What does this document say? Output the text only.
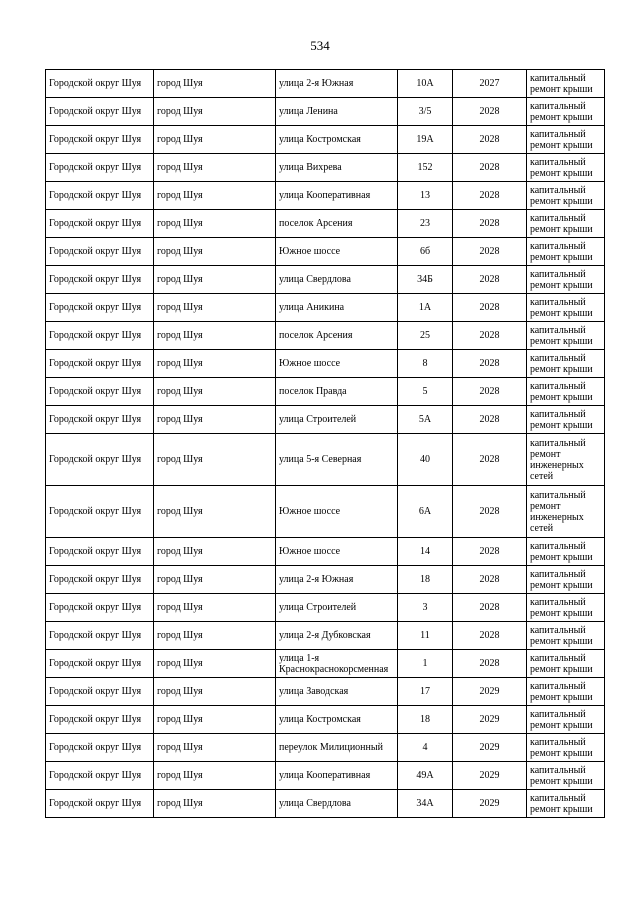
534
Городской округ Шуя	город Шуя	улица 2-я Южная	10А	2027	капитальный ремонт крыши
Городской округ Шуя	город Шуя	улица Ленина	3/5	2028	капитальный ремонт крыши
Городской округ Шуя	город Шуя	улица Костромская	19А	2028	капитальный ремонт крыши
Городской округ Шуя	город Шуя	улица Вихрева	152	2028	капитальный ремонт крыши
Городской округ Шуя	город Шуя	улица Кооперативная	13	2028	капитальный ремонт крыши
Городской округ Шуя	город Шуя	поселок Арсения	23	2028	капитальный ремонт крыши
Городской округ Шуя	город Шуя	Южное шоссе	6б	2028	капитальный ремонт крыши
Городской округ Шуя	город Шуя	улица Свердлова	34Б	2028	капитальный ремонт крыши
Городской округ Шуя	город Шуя	улица Аникина	1А	2028	капитальный ремонт крыши
Городской округ Шуя	город Шуя	поселок Арсения	25	2028	капитальный ремонт крыши
Городской округ Шуя	город Шуя	Южное шоссе	8	2028	капитальный ремонт крыши
Городской округ Шуя	город Шуя	поселок Правда	5	2028	капитальный ремонт крыши
Городской округ Шуя	город Шуя	улица Строителей	5А	2028	капитальный ремонт крыши
Городской округ Шуя	город Шуя	улица 5-я Северная	40	2028	капитальный ремонт инженерных сетей
Городской округ Шуя	город Шуя	Южное шоссе	6А	2028	капитальный ремонт инженерных сетей
Городской округ Шуя	город Шуя	Южное шоссе	14	2028	капитальный ремонт крыши
Городской округ Шуя	город Шуя	улица 2-я Южная	18	2028	капитальный ремонт крыши
Городской округ Шуя	город Шуя	улица Строителей	3	2028	капитальный ремонт крыши
Городской округ Шуя	город Шуя	улица 2-я Дубковская	11	2028	капитальный ремонт крыши
Городской округ Шуя	город Шуя	улица 1-я Краснокраснокорсменная	1	2028	капитальный ремонт крыши
Городской округ Шуя	город Шуя	улица Заводская	17	2029	капитальный ремонт крыши
Городской округ Шуя	город Шуя	улица Костромская	18	2029	капитальный ремонт крыши
Городской округ Шуя	город Шуя	переулок Милиционный	4	2029	капитальный ремонт крыши
Городской округ Шуя	город Шуя	улица Кооперативная	49А	2029	капитальный ремонт крыши
Городской округ Шуя	город Шуя	улица Свердлова	34А	2029	капитальный ремонт крыши
